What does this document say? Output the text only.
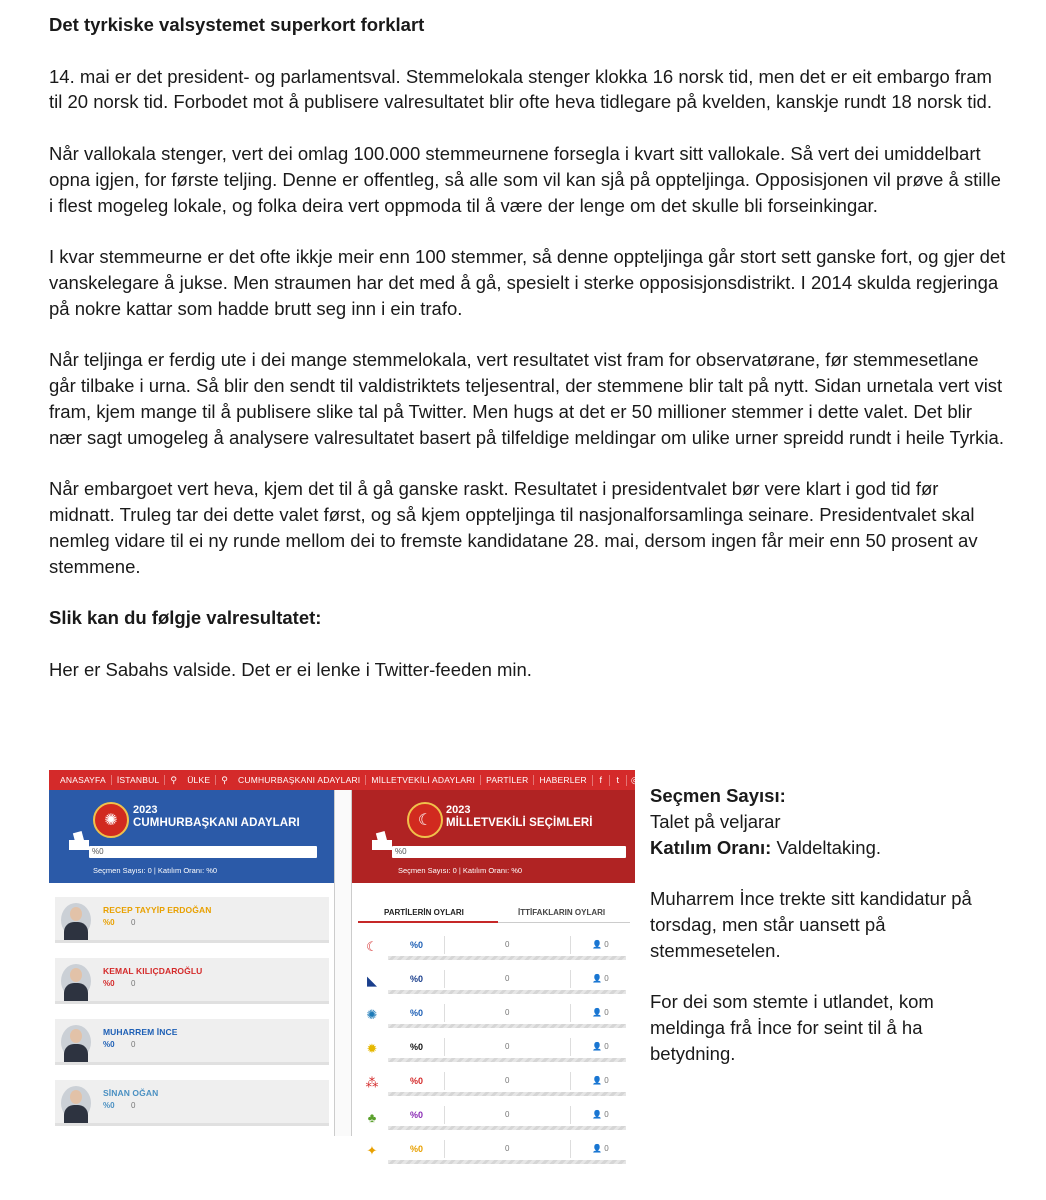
Det tyrkiske valsystemet superkort forklart

14. mai er det president- og parlamentsval. Stemmelokala stenger klokka 16 norsk tid, men det er eit embargo fram til 20 norsk tid. Forbodet mot å publisere valresultatet blir ofte heva tidlegare på kvelden, kanskje rundt 18 norsk tid.

Når vallokala stenger, vert dei omlag 100.000 stemmeurnene forsegla i kvart sitt vallokale. Så vert dei umiddelbart opna igjen, for første teljing. Denne er offentleg, så alle som vil kan sjå på oppteljinga. Opposisjonen vil prøve å stille i flest mogeleg lokale, og folka deira vert oppmoda til å være der lenge om det skulle bli forseinkingar.

I kvar stemmeurne er det ofte ikkje meir enn 100 stemmer, så denne oppteljinga går stort sett ganske fort, og gjer det vanskelegare å jukse. Men straumen har det med å gå, spesielt i sterke opposisjonsdistrikt. I 2014 skulda regjeringa på nokre kattar som hadde brutt seg inn i ein trafo.

Når teljinga er ferdig ute i dei mange stemmelokala, vert resultatet vist fram for observatørane, før stemmesetlane går tilbake i urna. Så blir den sendt til valdistriktets teljesentral, der stemmene blir talt på nytt. Sidan urnetala vert vist fram, kjem mange til å publisere slike tal på Twitter. Men hugs at det er 50 millioner stemmer i dette valet. Det blir nær sagt umogeleg å analysere valresultatet basert på tilfeldige meldingar om ulike urner spreidd rundt i heile Tyrkia.

Når embargoet vert heva, kjem det til å gå ganske raskt. Resultatet i presidentvalet bør vere klart i god tid før midnatt. Truleg tar dei dette valet først, og så kjem oppteljinga til nasjonalforsamlinga seinare. Presidentvalet skal nemleg vidare til ei ny runde mellom dei to fremste kandidatane 28. mai, dersom ingen får meir enn 50 prosent av stemmene.

Slik kan du følgje valresultatet:

Her er Sabahs valside. Det er ei lenke i Twitter-feeden min.

ANASAYFA	İSTANBUL	⚲	ÜLKE	⚲	CUMHURBAŞKANI ADAYLARI	MİLLETVEKİLİ ADAYLARI	PARTİLER	HABERLER	f	t	◎
✺
2023
CUMHURBAŞKANI ADAYLARI
%0
Seçmen Sayısı: 0 | Katılım Oranı: %0
RECEP TAYYİP ERDOĞAN
%0 0
KEMAL KILIÇDAROĞLU
%0 0
MUHARREM İNCE
%0 0
SİNAN OĞAN
%0 0
☾
2023
MİLLETVEKİLİ SEÇİMLERİ
%0
Seçmen Sayısı: 0 | Katılım Oranı: %0
PARTİLERİN OYLARI	İTTİFAKLARIN OYLARI
☾	%0	0	👤 0
◣	%0	0	👤 0
✺	%0	0	👤 0
✹	%0	0	👤 0
⁂	%0	0	👤 0
♣	%0	0	👤 0
✦	%0	0	👤 0

Seçmen Sayısı:
Talet på veljarar
Katılım Oranı: Valdeltaking.

Muharrem İnce trekte sitt kandidatur på torsdag, men står uansett på stemmesetelen.

For dei som stemte i utlandet, kom meldinga frå İnce for seint til å ha betydning.
